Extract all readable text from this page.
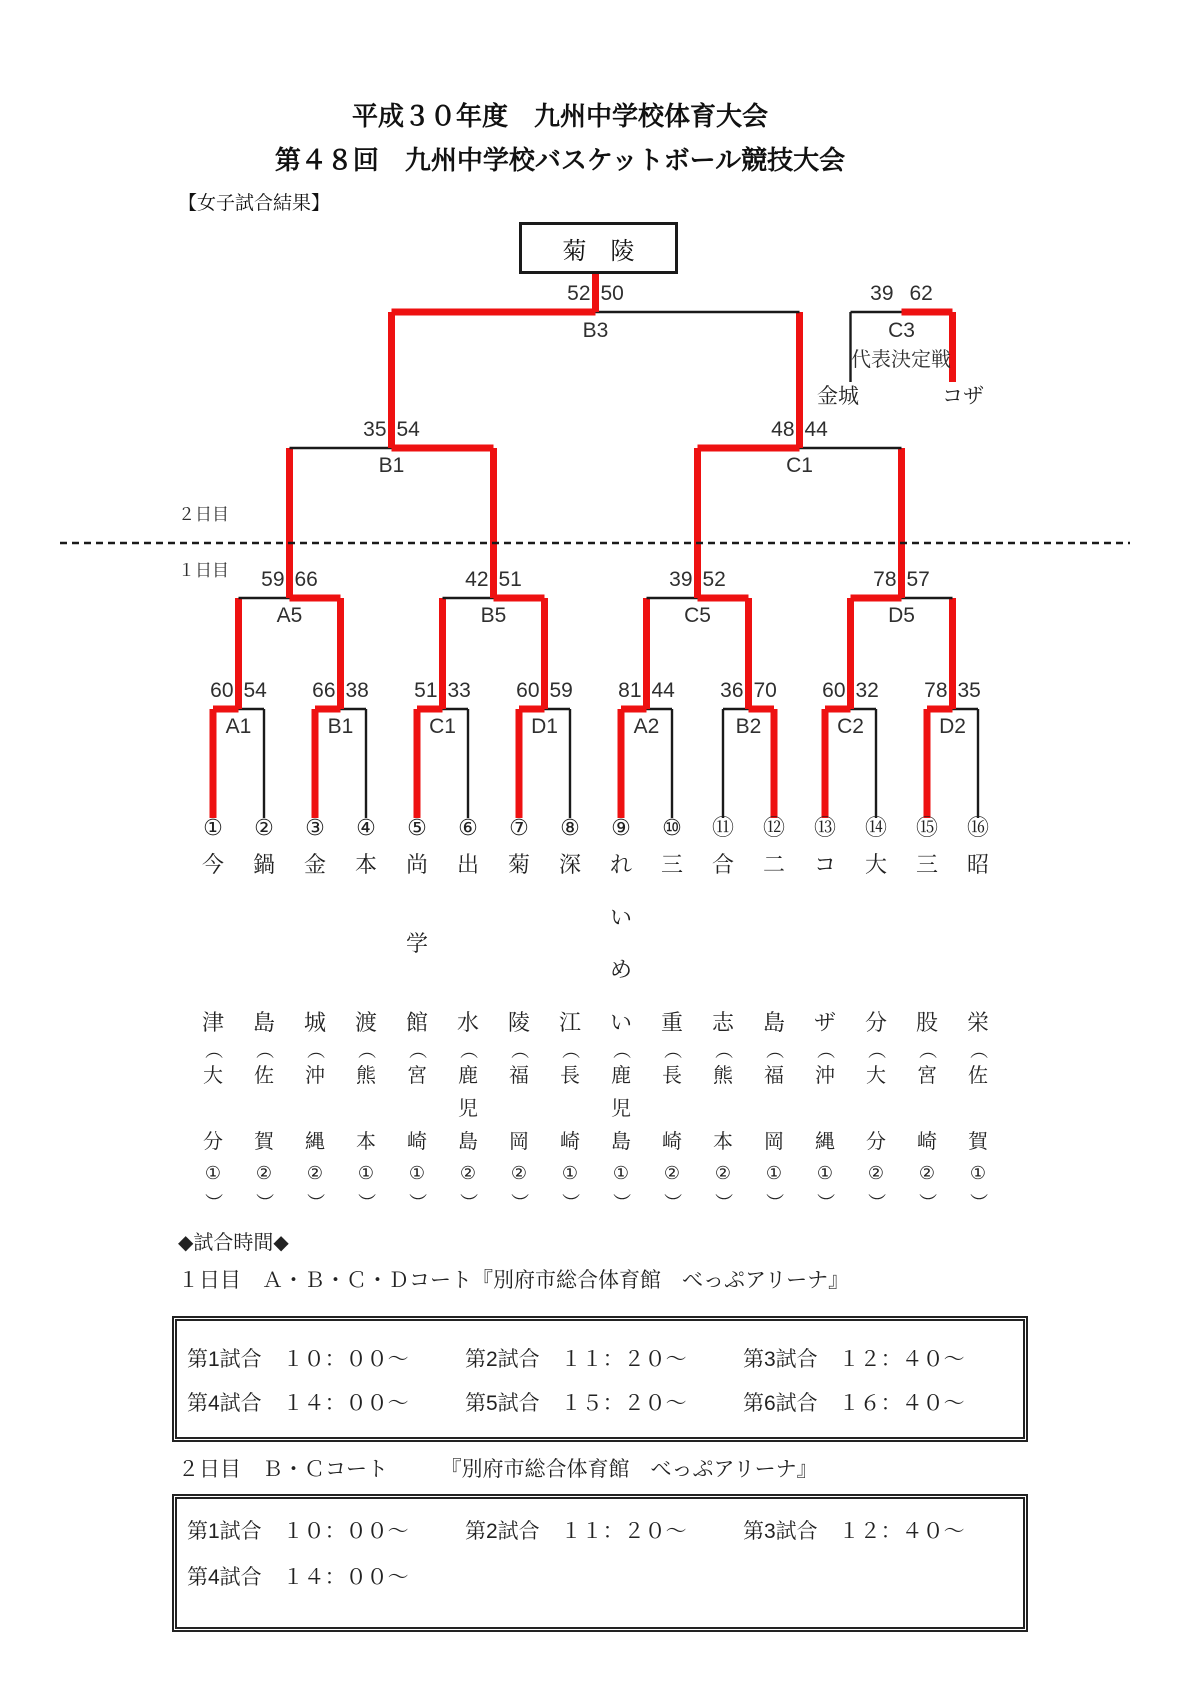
平成３０年度　九州中学校体育大会
第４８回　九州中学校バスケットボール競技大会
【女子試合結果】
菊　陵
２日目
１日目
代表決定戦
金城	コザ
60 54
A1
66 38
B1
51 33
C1
60 59
D1
81 44
A2
36 70
B2
60 32
C2
78 35
D2
59 66
A5
42 51
B5
39 52
C5
78 57
D5
35 54
B1
48 44
C1
52 50
B3
39 62
C3
①
今
津
（
大
分
①
）
②
鍋
島
（
佐
賀
②
）
③
金
城
（
沖
縄
②
）
④
本
渡
（
熊
本
①
）
⑤
尚
学
館
（
宮
崎
①
）
⑥
出
水
（
鹿
児
島
②
）
⑦
菊
陵
（
福
岡
②
）
⑧
深
江
（
長
崎
①
）
⑨
れ
い
め
い
（
鹿
児
島
①
）
⑩
三
重
（
長
崎
②
）
⑪
合
志
（
熊
本
②
）
⑫
二
島
（
福
岡
①
）
⑬
コ
ザ
（
沖
縄
①
）
⑭
大
分
（
大
分
②
）
⑮
三
股
（
宮
崎
②
）
⑯
昭
栄
（
佐
賀
①
）
◆試合時間◆
１日目　Ａ・Ｂ・Ｃ・Ｄコート『別府市総合体育館　べっぷアリーナ』
第1試合　１０：００～	第2試合　１１：２０～	第3試合　１２：４０～
第4試合　１４：００～	第5試合　１５：２０～	第6試合　１６：４０～
２日目　Ｂ・Ｃコート　　　『別府市総合体育館　べっぷアリーナ』
第1試合　１０：００～	第2試合　１１：２０～	第3試合　１２：４０～
第4試合　１４：００～
